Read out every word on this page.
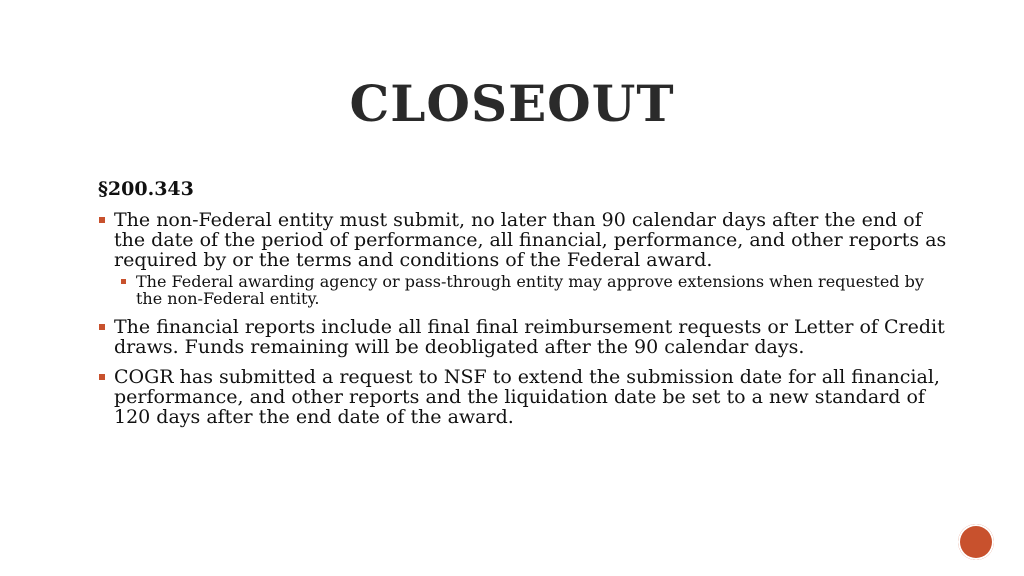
CLOSEOUT
§200.343
The non-Federal entity must submit, no later than 90 calendar days after the end of the date of the period of performance, all financial, performance, and other reports as required by or the terms and conditions of the Federal award.
The Federal awarding agency or pass-through entity may approve extensions when requested by the non-Federal entity.
The financial reports include all final final reimbursement requests or Letter of Credit draws. Funds remaining will be deobligated after the 90 calendar days.
COGR has submitted a request to NSF to extend the submission date for all financial, performance, and other reports and the liquidation date be set to a new standard of 120 days after the end date of the award.
